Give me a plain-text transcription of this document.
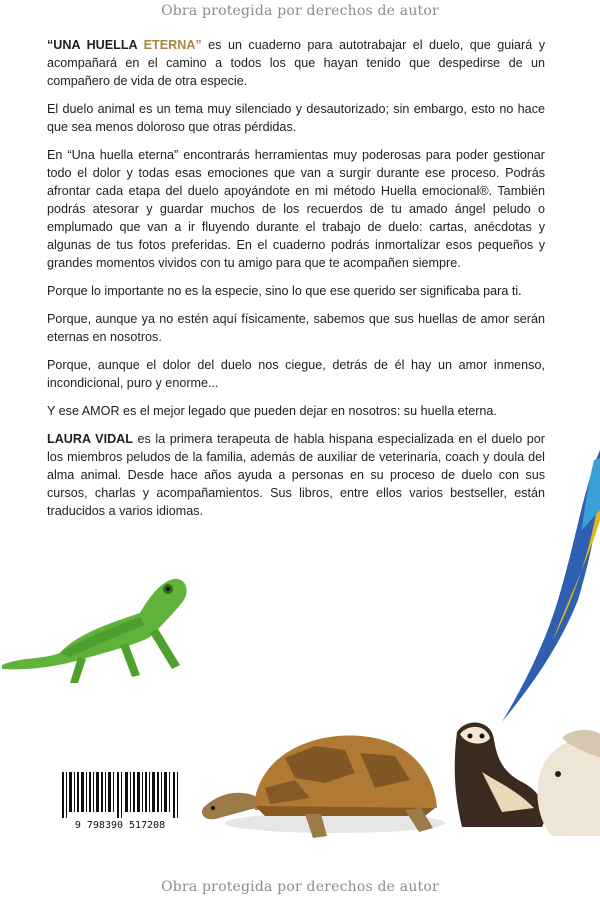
Obra protegida por derechos de autor

“UNA HUELLA ETERNA” es un cuaderno para autotrabajar el duelo, que guiará y acompañará en el camino a todos los que hayan tenido que despedirse de un compañero de vida de otra especie.

El duelo animal es un tema muy silenciado y desautorizado; sin embargo, esto no hace que sea menos doloroso que otras pérdidas.

En “Una huella eterna” encontrarás herramientas muy poderosas para poder gestionar todo el dolor y todas esas emociones que van a surgir durante ese proceso. Podrás afrontar cada etapa del duelo apoyándote en mi método Huella emocional®. También podrás atesorar y guardar muchos de los recuerdos de tu amado ángel peludo o emplumado que van a ir fluyendo durante el trabajo de duelo: cartas, anécdotas y algunas de tus fotos preferidas. En el cuaderno podrás inmortalizar esos pequeños y grandes momentos vividos con tu amigo para que te acompañen siempre.

Porque lo importante no es la especie, sino lo que ese querido ser significaba para ti.

Porque, aunque ya no estén aquí físicamente, sabemos que sus huellas de amor serán eternas en nosotros.

Porque, aunque el dolor del duelo nos ciegue, detrás de él hay un amor inmenso, incondicional, puro y enorme...

Y ese AMOR es el mejor legado que pueden dejar en nosotros: su huella eterna.

LAURA VIDAL es la primera terapeuta de habla hispana especializada en el duelo por los miembros peludos de la familia, además de auxiliar de veterinaria, coach y doula del alma animal. Desde hace años ayuda a personas en su proceso de duelo con sus cursos, charlas y acompañamientos. Sus libros, entre ellos varios bestseller, están traducidos a varios idiomas.

9 798390 517208
Obra protegida por derechos de autor
